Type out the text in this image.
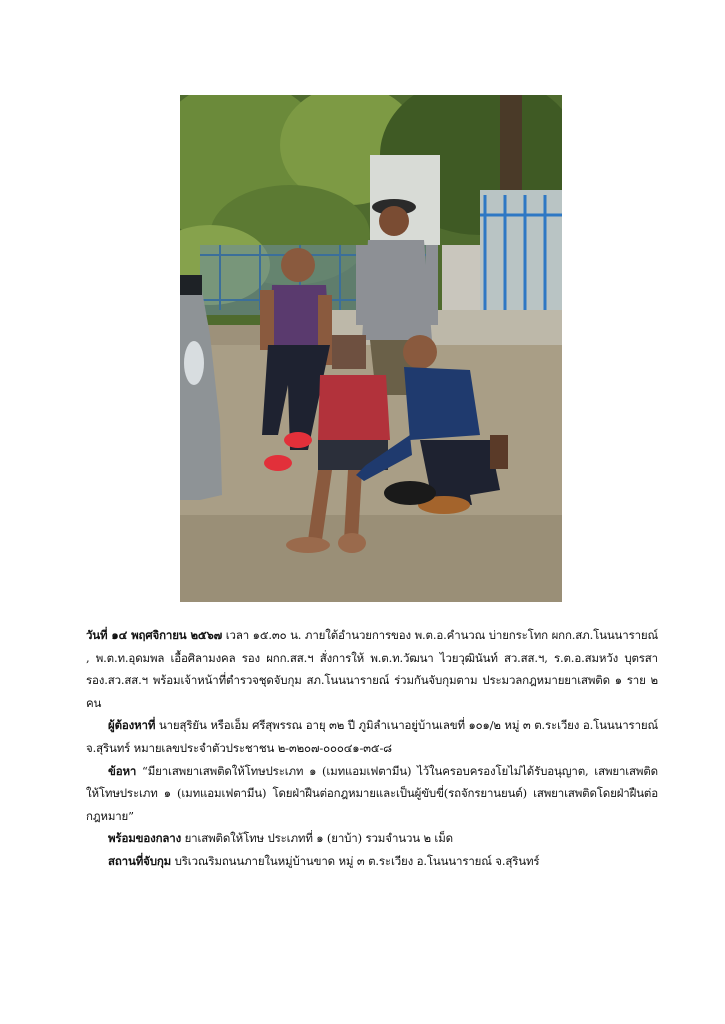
วันที่ ๑๔ พฤศจิกายน ๒๕๖๗ เวลา ๑๕.๓๐ น. ภายใต้อำนวยการของ พ.ต.อ.คำนวณ บ่ายกระโทก ผกก.สภ.โนนนารายณ์ , พ.ต.ท.อุดมพล เอื้อศิลามงคล รอง ผกก.สส.ฯ สั่งการให้ พ.ต.ท.วัฒนา ไวยวุฒินันท์ สว.สส.ฯ, ร.ต.อ.สมหวัง บุตรสา รอง.สว.สส.ฯ พร้อมเจ้าหน้าที่ตำรวจชุดจับกุม สภ.โนนนารายณ์ ร่วมกันจับกุมตาม ประมวลกฎหมายยาเสพติด ๑ ราย ๒ คน

ผู้ต้องหาที่ นายสุริยัน หรือเอ็ม ศรีสุพรรณ อายุ ๓๒ ปี ภูมิลำเนาอยู่บ้านเลขที่ ๑๐๑/๒ หมู่ ๓ ต.ระเวียง อ.โนนนารายณ์ จ.สุรินทร์ หมายเลขประจำตัวประชาชน ๒-๓๒๐๗-๐๐๐๔๑-๓๕-๘

ข้อหา “มียาเสพยาเสพติดให้โทษประเภท ๑ (เมทแอมเฟตามีน) ไว้ในครอบครองโยไม่ได้รับอนุญาต, เสพยาเสพติดให้โทษประเภท ๑ (เมทแอมเฟตามีน) โดยฝ่าฝืนต่อกฎหมายและเป็นผู้ขับขี่(รถจักรยานยนต์) เสพยาเสพติดโดยฝ่าฝืนต่อกฎหมาย”

พร้อมของกลาง ยาเสพติดให้โทษ ประเภทที่ ๑ (ยาบ้า) รวมจำนวน ๒ เม็ด

สถานที่จับกุม บริเวณริมถนนภายในหมู่บ้านขาด หมู่ ๓ ต.ระเวียง อ.โนนนารายณ์ จ.สุรินทร์
